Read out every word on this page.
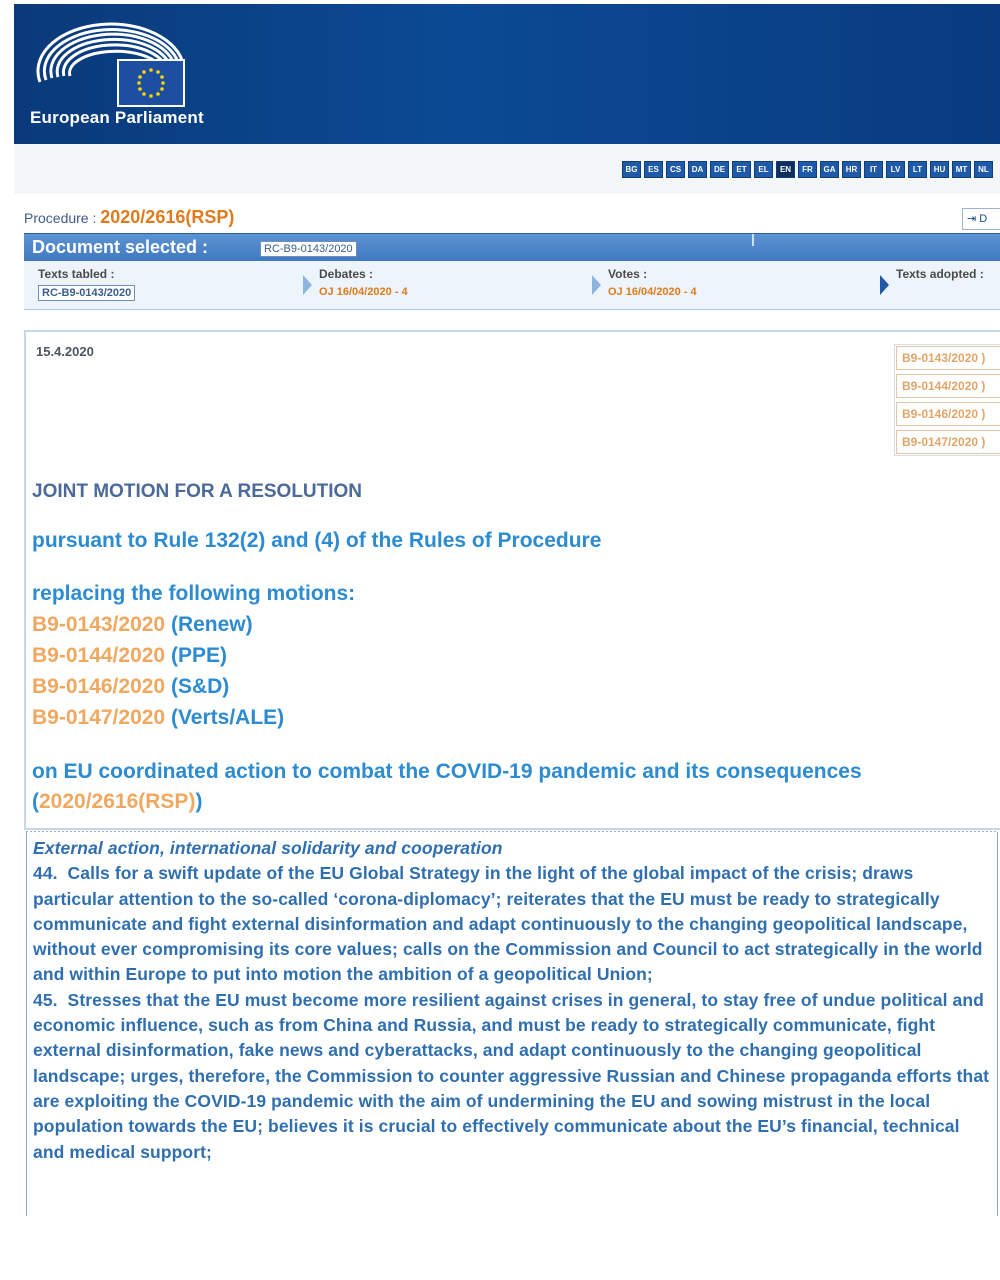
European Parliament
BG	ES	CS	DA	DE	ET	EL	EN	FR	GA	HR	IT	LV	LT	HU	MT	NL
Procedure : 2020/2616(RSP)	⇥ D
Document selected :	RC-B9-0143/2020
Texts tabled :
RC-B9-0143/2020
Debates :
OJ 16/04/2020 - 4
Votes :
OJ 16/04/2020 - 4
Texts adopted :
15.4.2020	B9-0143/2020 )
B9-0144/2020 )
B9-0146/2020 )
B9-0147/2020 )
JOINT MOTION FOR A RESOLUTION
pursuant to Rule 132(2) and (4) of the Rules of Procedure
replacing the following motions:
B9-0143/2020 (Renew)
B9-0144/2020 (PPE)
B9-0146/2020 (S&D)
B9-0147/2020 (Verts/ALE)
on EU coordinated action to combat the COVID-19 pandemic and its consequences
(2020/2616(RSP))
External action, international solidarity and cooperation

44.  Calls for a swift update of the EU Global Strategy in the light of the global impact of the crisis; draws particular attention to the so-called ‘corona-diplomacy’; reiterates that the EU must be ready to strategically communicate and fight external disinformation and adapt continuously to the changing geopolitical landscape, without ever compromising its core values; calls on the Commission and Council to act strategically in the world and within Europe to put into motion the ambition of a geopolitical Union;

45.  Stresses that the EU must become more resilient against crises in general, to stay free of undue political and economic influence, such as from China and Russia, and must be ready to strategically communicate, fight external disinformation, fake news and cyberattacks, and adapt continuously to the changing geopolitical landscape; urges, therefore, the Commission to counter aggressive Russian and Chinese propaganda efforts that are exploiting the COVID-19 pandemic with the aim of undermining the EU and sowing mistrust in the local population towards the EU; believes it is crucial to effectively communicate about the EU’s financial, technical and medical support;
